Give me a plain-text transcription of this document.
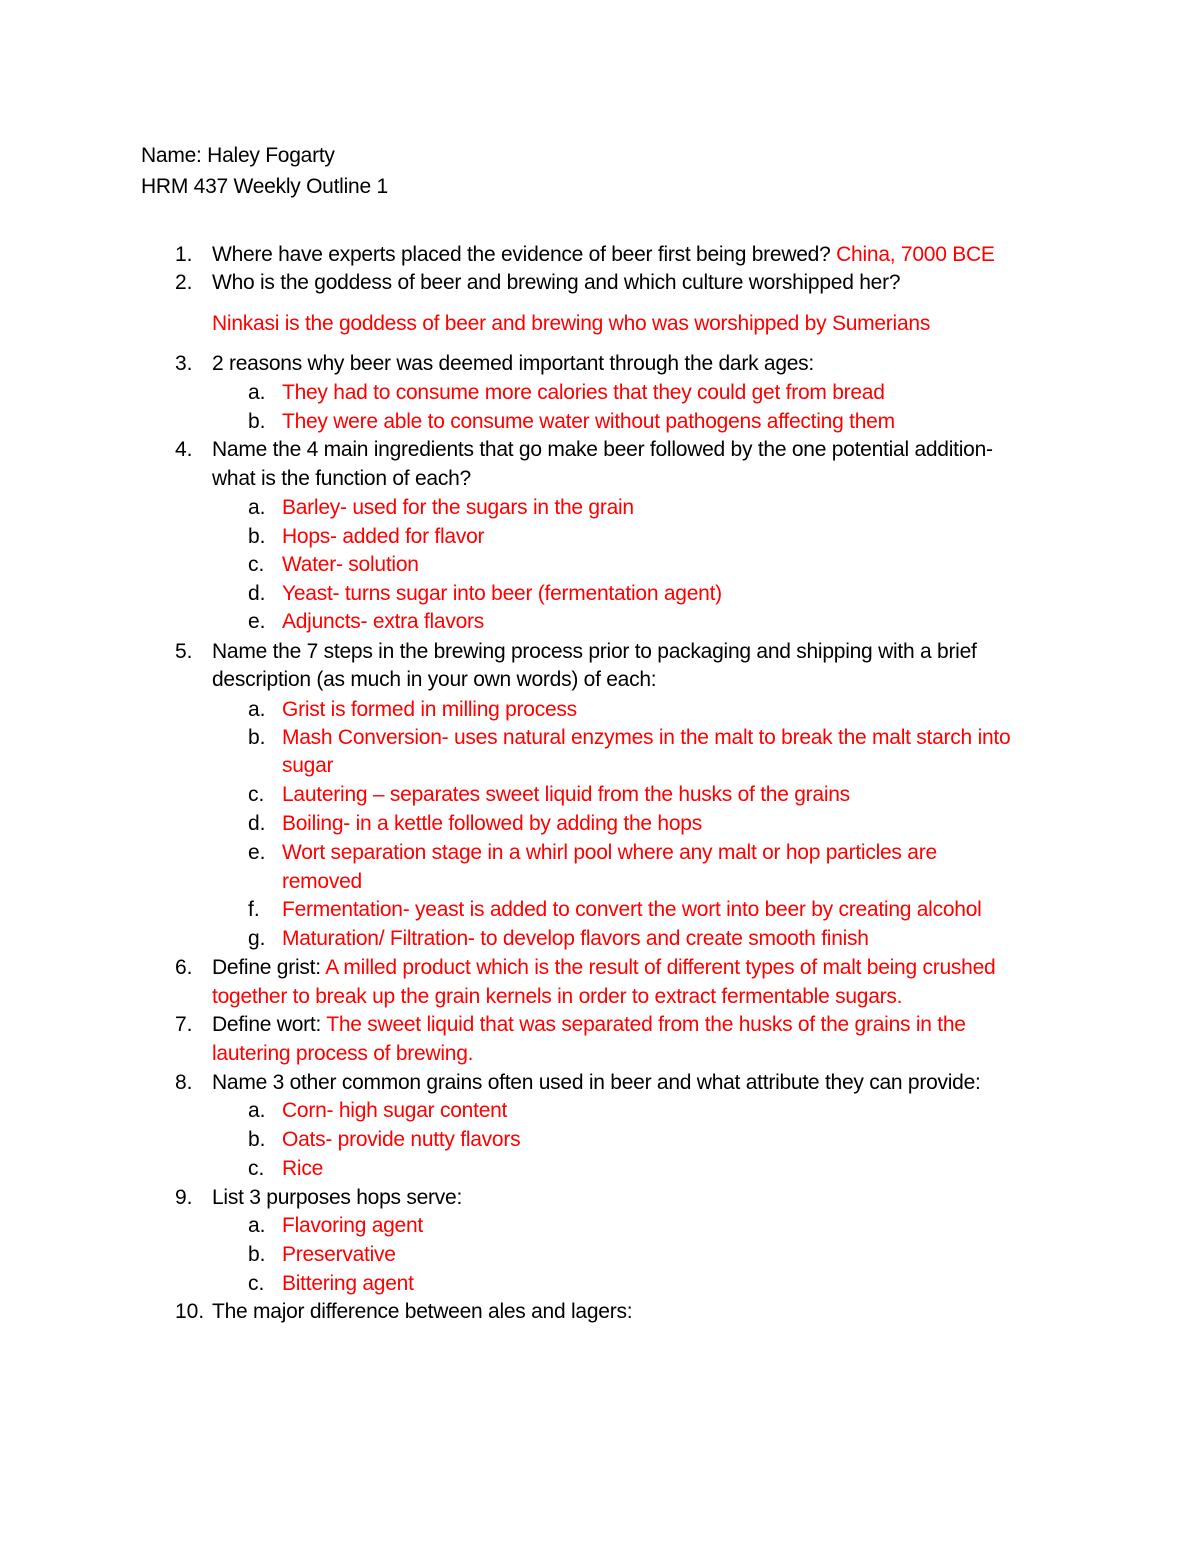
Name: Haley Fogarty
HRM 437 Weekly Outline 1
1. Where have experts placed the evidence of beer first being brewed? China, 7000 BCE
2. Who is the goddess of beer and brewing and which culture worshipped her?
Ninkasi is the goddess of beer and brewing who was worshipped by Sumerians
3. 2 reasons why beer was deemed important through the dark ages:
a. They had to consume more calories that they could get from bread
b. They were able to consume water without pathogens affecting them
4. Name the 4 main ingredients that go make beer followed by the one potential addition-
what is the function of each?
a. Barley- used for the sugars in the grain
b. Hops- added for flavor
c. Water- solution
d. Yeast- turns sugar into beer (fermentation agent)
e. Adjuncts- extra flavors
5. Name the 7 steps in the brewing process prior to packaging and shipping with a brief
description (as much in your own words) of each:
a. Grist is formed in milling process
b. Mash Conversion- uses natural enzymes in the malt to break the malt starch into
sugar
c. Lautering – separates sweet liquid from the husks of the grains
d. Boiling- in a kettle followed by adding the hops
e. Wort separation stage in a whirl pool where any malt or hop particles are
removed
f. Fermentation- yeast is added to convert the wort into beer by creating alcohol
g. Maturation/ Filtration- to develop flavors and create smooth finish
6. Define grist: A milled product which is the result of different types of malt being crushed
together to break up the grain kernels in order to extract fermentable sugars.
7. Define wort: The sweet liquid that was separated from the husks of the grains in the
lautering process of brewing.
8. Name 3 other common grains often used in beer and what attribute they can provide:
a. Corn- high sugar content
b. Oats- provide nutty flavors
c. Rice
9. List 3 purposes hops serve:
a. Flavoring agent
b. Preservative
c. Bittering agent
10. The major difference between ales and lagers:
